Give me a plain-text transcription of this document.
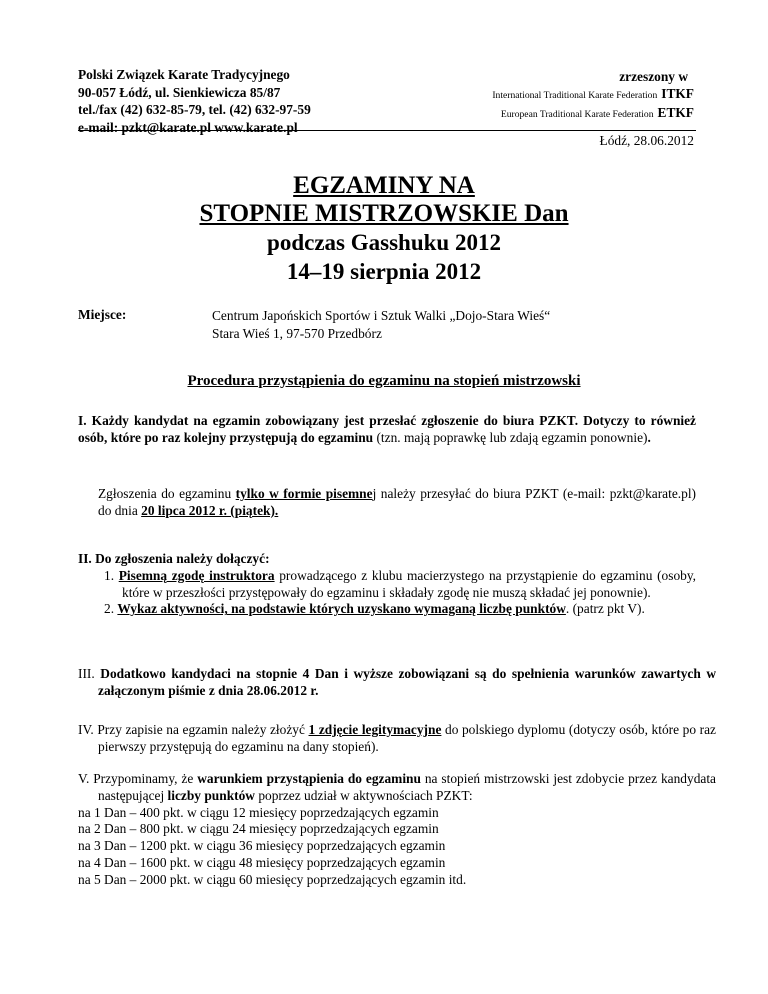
Polski Związek Karate Tradycyjnego
90-057 Łódź, ul. Sienkiewicza 85/87
tel./fax (42) 632-85-79, tel. (42) 632-97-59
e-mail: pzkt@karate.pl www.karate.pl
zrzeszony w
International Traditional Karate Federation ITKF
European Traditional Karate Federation ETKF
Łódź, 28.06.2012
EGZAMINY NA
STOPNIE MISTRZOWSKIE Dan
podczas Gasshuku 2012
14–19 sierpnia 2012
Miejsce:	Centrum Japońskich Sportów i Sztuk Walki „Dojo-Stara Wieś“
Stara Wieś 1, 97-570 Przedbórz
Procedura przystąpienia do egzaminu na stopień mistrzowski
I. Każdy kandydat na egzamin zobowiązany jest przesłać zgłoszenie do biura PZKT. Dotyczy to również osób, które po raz kolejny przystępują do egzaminu (tzn. mają poprawkę lub zdają egzamin ponownie).
Zgłoszenia do egzaminu tylko w formie pisemnej należy przesyłać do biura PZKT (e-mail: pzkt@karate.pl) do dnia 20 lipca 2012 r. (piątek).
II. Do zgłoszenia należy dołączyć:
1. Pisemną zgodę instruktora prowadzącego z klubu macierzystego na przystąpienie do egzaminu (osoby, które w przeszłości przystępowały do egzaminu i składały zgodę nie muszą składać jej ponownie).
2. Wykaz aktywności, na podstawie których uzyskano wymaganą liczbę punktów. (patrz pkt V).
III. Dodatkowo kandydaci na stopnie 4 Dan i wyższe zobowiązani są do spełnienia warunków zawartych w załączonym piśmie z dnia 28.06.2012 r.
IV. Przy zapisie na egzamin należy złożyć 1 zdjęcie legitymacyjne do polskiego dyplomu (dotyczy osób, które po raz pierwszy przystępują do egzaminu na dany stopień).
V. Przypominamy, że warunkiem przystąpienia do egzaminu na stopień mistrzowski jest zdobycie przez kandydata następującej liczby punktów poprzez udział w aktywnościach PZKT:
na 1 Dan – 400 pkt. w ciągu 12 miesięcy poprzedzających egzamin
na 2 Dan – 800 pkt. w ciągu 24 miesięcy poprzedzających egzamin
na 3 Dan – 1200 pkt. w ciągu 36 miesięcy poprzedzających egzamin
na 4 Dan – 1600 pkt. w ciągu 48 miesięcy poprzedzających egzamin
na 5 Dan – 2000 pkt. w ciągu 60 miesięcy poprzedzających egzamin itd.
